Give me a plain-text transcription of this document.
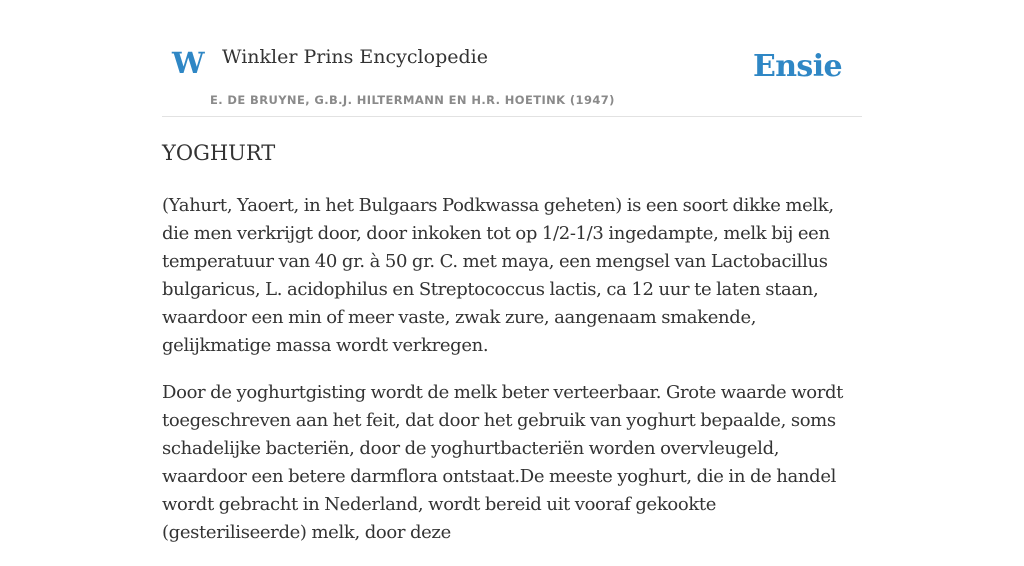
W Winkler Prins Encyclopedie
E. DE BRUYNE, G.B.J. HILTERMANN EN H.R. HOETINK (1947)
Ensie
YOGHURT

(Yahurt, Yaoert, in het Bulgaars Podkwassa geheten) is een soort dikke melk, die men verkrijgt door, door inkoken tot op 1/2-1/3 ingedampte, melk bij een temperatuur van 40 gr. à 50 gr. C. met maya, een mengsel van Lactobacillus bulgaricus, L. acidophilus en Streptococcus lactis, ca 12 uur te laten staan, waardoor een min of meer vaste, zwak zure, aangenaam smakende, gelijkmatige massa wordt verkregen.

Door de yoghurtgisting wordt de melk beter verteerbaar. Grote waarde wordt toegeschreven aan het feit, dat door het gebruik van yoghurt bepaalde, soms schadelijke bacteriën, door de yoghurtbacteriën worden overvleugeld, waardoor een betere darmflora ontstaat.De meeste yoghurt, die in de handel wordt gebracht in Nederland, wordt bereid uit vooraf gekookte (gesteriliseerde) melk, door deze
